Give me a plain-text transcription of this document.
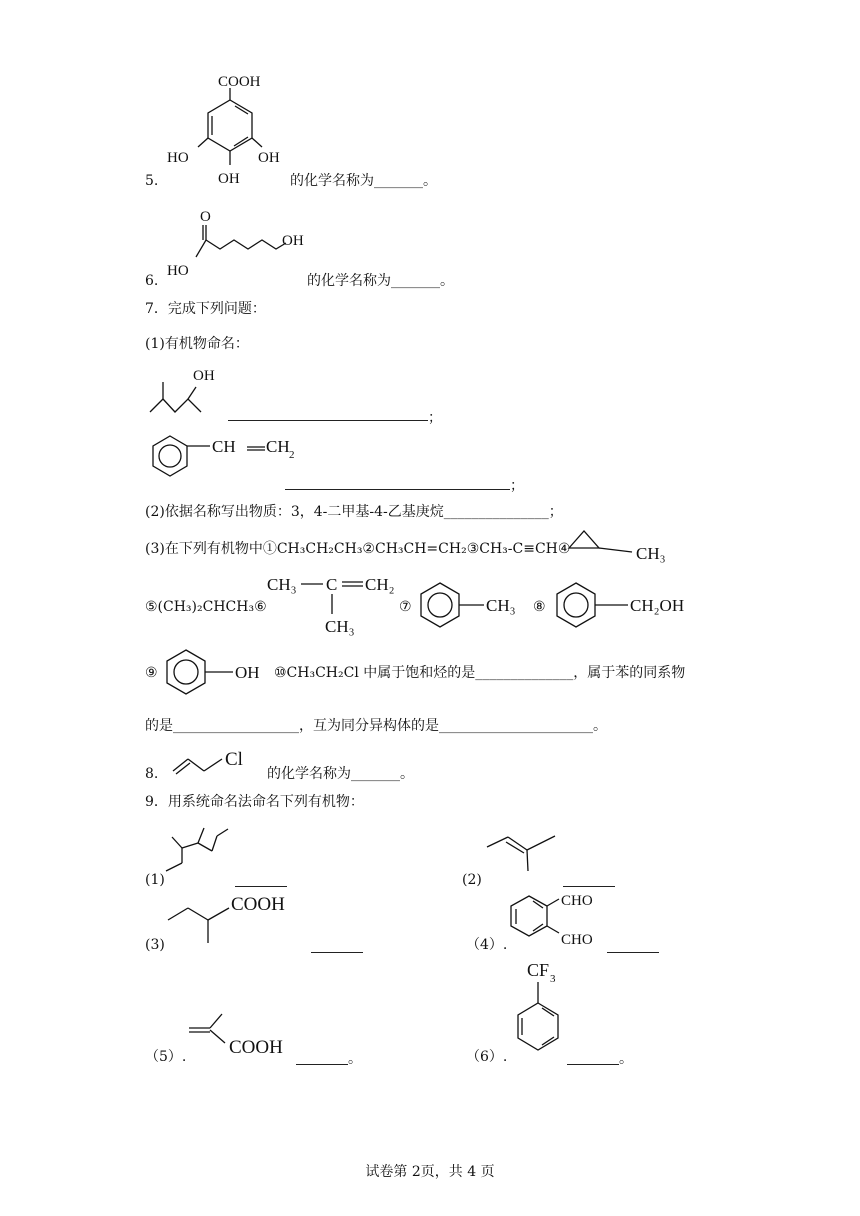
COOH
HO	OH
OH
5.	的化学名称为_______。
O
HO
OH
6.	的化学名称为_______。
7．完成下列问题：
(1)有机物命名：
OH
；
CH CH 2
；
(2)依据名称写出物质：3，4-二甲基-4-乙基庚烷_______________；
(3)在下列有机物中①CH₃CH₂CH₃②CH₃CH=CH₂③CH₃-C≡CH④	CH₃
⑤(CH₃)₂CHCH₃⑥
CH₃ C CH₂
CH₃
⑦	CH₃ ⑧	CH₂OH
⑨	OH ⑩CH₃CH₂Cl 中属于饱和烃的是______________，属于苯的同系物
的是__________________，互为同分异构体的是______________________。
Cl
8.	的化学名称为_______。
9．用系统命名法命名下列有机物：
(1)	(2)
COOH
(3)
CHO
CHO
（4）.
COOH
（5）.	。
CF 3
（6）.	。
试卷第 2页，共 4 页
